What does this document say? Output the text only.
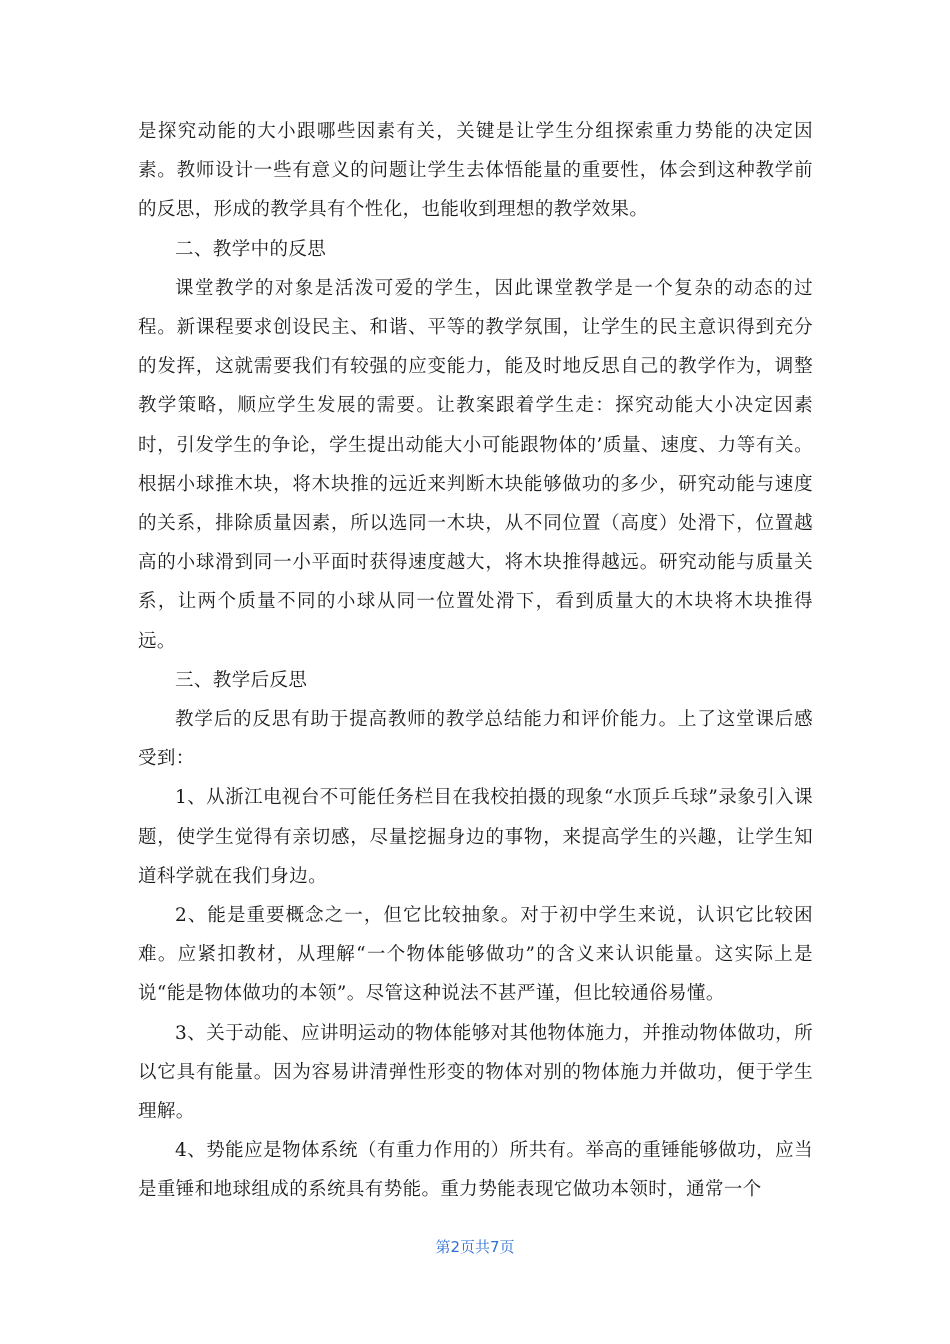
是探究动能的大小跟哪些因素有关，关键是让学生分组探索重力势能的决定因素。教师设计一些有意义的问题让学生去体悟能量的重要性，体会到这种教学前的反思，形成的教学具有个性化，也能收到理想的教学效果。

二、教学中的反思

课堂教学的对象是活泼可爱的学生，因此课堂教学是一个复杂的动态的过程。新课程要求创设民主、和谐、平等的教学氛围，让学生的民主意识得到充分的发挥，这就需要我们有较强的应变能力，能及时地反思自己的教学作为，调整教学策略，顺应学生发展的需要。让教案跟着学生走：探究动能大小决定因素时，引发学生的争论，学生提出动能大小可能跟物体的’质量、速度、力等有关。根据小球推木块，将木块推的远近来判断木块能够做功的多少，研究动能与速度的关系，排除质量因素，所以选同一木块，从不同位置（高度）处滑下，位置越高的小球滑到同一小平面时获得速度越大，将木块推得越远。研究动能与质量关系，让两个质量不同的小球从同一位置处滑下，看到质量大的木块将木块推得远。

三、教学后反思

教学后的反思有助于提高教师的教学总结能力和评价能力。上了这堂课后感受到：

1、从浙江电视台不可能任务栏目在我校拍摄的现象“水顶乒乓球”录象引入课题，使学生觉得有亲切感，尽量挖掘身边的事物，来提高学生的兴趣，让学生知道科学就在我们身边。

2、能是重要概念之一，但它比较抽象。对于初中学生来说，认识它比较困难。应紧扣教材，从理解“一个物体能够做功”的含义来认识能量。这实际上是说“能是物体做功的本领”。尽管这种说法不甚严谨，但比较通俗易懂。

3、关于动能、应讲明运动的物体能够对其他物体施力，并推动物体做功，所以它具有能量。因为容易讲清弹性形变的物体对别的物体施力并做功，便于学生理解。

4、势能应是物体系统（有重力作用的）所共有。举高的重锤能够做功，应当是重锤和地球组成的系统具有势能。重力势能表现它做功本领时，通常一个

第2页共7页
